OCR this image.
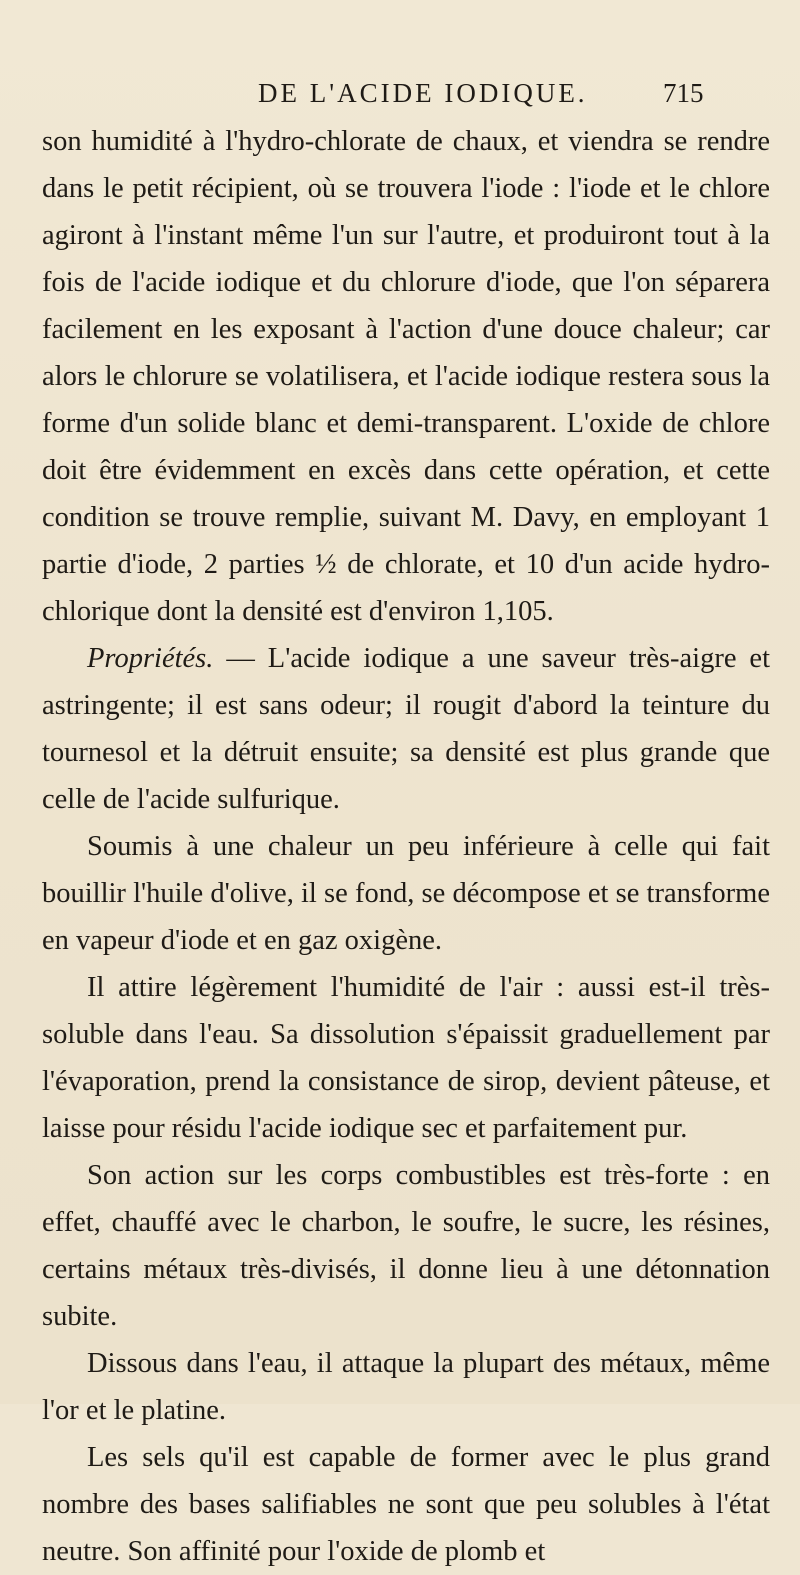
DE L'ACIDE IODIQUE.	715

son humidité à l'hydro-chlorate de chaux, et viendra se rendre dans le petit récipient, où se trouvera l'iode : l'iode et le chlore agiront à l'instant même l'un sur l'autre, et produiront tout à la fois de l'acide iodique et du chlorure d'iode, que l'on séparera facilement en les exposant à l'action d'une douce chaleur; car alors le chlorure se volatilisera, et l'acide iodique restera sous la forme d'un solide blanc et demi-transparent. L'oxide de chlore doit être évidemment en excès dans cette opération, et cette condition se trouve remplie, suivant M. Davy, en employant 1 partie d'iode, 2 parties ½ de chlorate, et 10 d'un acide hydro-chlorique dont la densité est d'environ 1,105.

Propriétés. — L'acide iodique a une saveur très-aigre et astringente; il est sans odeur; il rougit d'abord la teinture du tournesol et la détruit ensuite; sa densité est plus grande que celle de l'acide sulfurique.

Soumis à une chaleur un peu inférieure à celle qui fait bouillir l'huile d'olive, il se fond, se décompose et se transforme en vapeur d'iode et en gaz oxigène.

Il attire légèrement l'humidité de l'air : aussi est-il très-soluble dans l'eau. Sa dissolution s'épaissit graduellement par l'évaporation, prend la consistance de sirop, devient pâteuse, et laisse pour résidu l'acide iodique sec et parfaitement pur.

Son action sur les corps combustibles est très-forte : en effet, chauffé avec le charbon, le soufre, le sucre, les résines, certains métaux très-divisés, il donne lieu à une détonnation subite.

Dissous dans l'eau, il attaque la plupart des métaux, même l'or et le platine.

Les sels qu'il est capable de former avec le plus grand nombre des bases salifiables ne sont que peu solubles à l'état neutre. Son affinité pour l'oxide de plomb et
